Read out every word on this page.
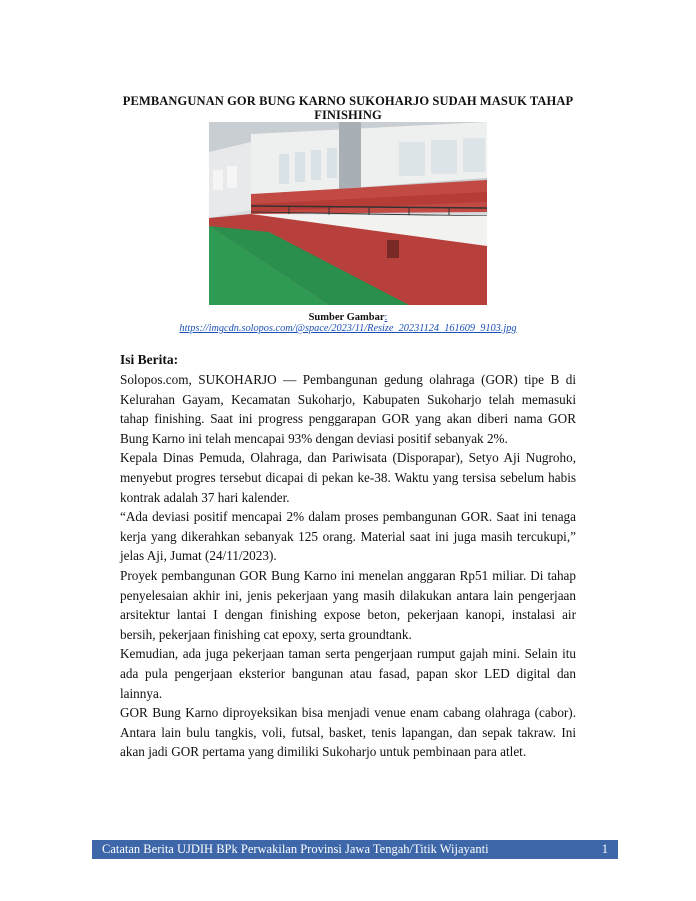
PEMBANGUNAN GOR BUNG KARNO SUKOHARJO SUDAH MASUK TAHAP FINISHING
Sumber Gambar:
https://imgcdn.solopos.com/@space/2023/11/Resize_20231124_161609_9103.jpg
Isi Berita:

Solopos.com, SUKOHARJO — Pembangunan gedung olahraga (GOR) tipe B di Kelurahan Gayam, Kecamatan Sukoharjo, Kabupaten Sukoharjo telah memasuki tahap finishing. Saat ini progress penggarapan GOR yang akan diberi nama GOR Bung Karno ini telah mencapai 93% dengan deviasi positif sebanyak 2%.

Kepala Dinas Pemuda, Olahraga, dan Pariwisata (Disporapar), Setyo Aji Nugroho, menyebut progres tersebut dicapai di pekan ke-38. Waktu yang tersisa sebelum habis kontrak adalah 37 hari kalender.

“Ada deviasi positif mencapai 2% dalam proses pembangunan GOR. Saat ini tenaga kerja yang dikerahkan sebanyak 125 orang. Material saat ini juga masih tercukupi,” jelas Aji, Jumat (24/11/2023).

Proyek pembangunan GOR Bung Karno ini menelan anggaran Rp51 miliar. Di tahap penyelesaian akhir ini, jenis pekerjaan yang masih dilakukan antara lain pengerjaan arsitektur lantai I dengan finishing expose beton, pekerjaan kanopi, instalasi air bersih, pekerjaan finishing cat epoxy, serta groundtank.

Kemudian, ada juga pekerjaan taman serta pengerjaan rumput gajah mini. Selain itu ada pula pengerjaan eksterior bangunan atau fasad, papan skor LED digital dan lainnya.

GOR Bung Karno diproyeksikan bisa menjadi venue enam cabang olahraga (cabor). Antara lain bulu tangkis, voli, futsal, basket, tenis lapangan, dan sepak takraw. Ini akan jadi GOR pertama yang dimiliki Sukoharjo untuk pembinaan para atlet.

Catatan Berita UJDIH BPk Perwakilan Provinsi Jawa Tengah/Titik Wijayanti	1
